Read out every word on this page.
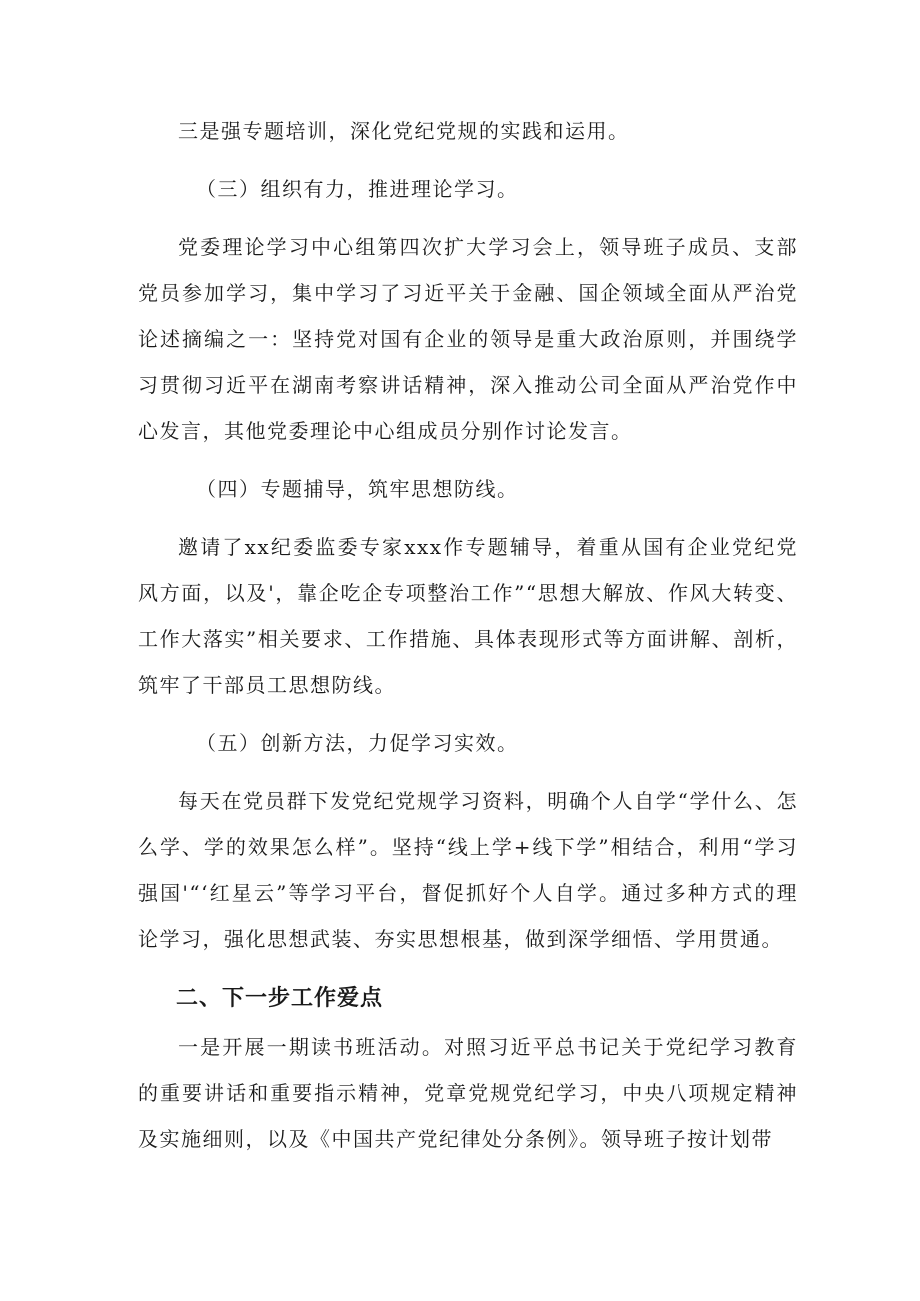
三是强专题培训，深化党纪党规的实践和运用。

（三）组织有力，推进理论学习。

党委理论学习中心组第四次扩大学习会上，领导班子成员、支部党员参加学习，集中学习了习近平关于金融、国企领域全面从严治党论述摘编之一：坚持党对国有企业的领导是重大政治原则，并围绕学习贯彻习近平在湖南考察讲话精神，深入推动公司全面从严治党作中心发言，其他党委理论中心组成员分别作讨论发言。

（四）专题捕导，筑牢思想防线。

邀请了xx纪委监委专家xxx作专题辅导，着重从国有企业党纪党风方面，以及'，靠企吃企专项整治工作”“思想大解放、作风大转变、工作大落实”相关要求、工作措施、具体表现形式等方面讲解、剖析，筑牢了干部员工思想防线。

（五）创新方法，力促学习实效。

每天在党员群下发党纪党规学习资料，明确个人自学“学什么、怎么学、学的效果怎么样”。坚持“线上学+线下学”相结合，利用“学习强国'“‘红星云”等学习平台，督促抓好个人自学。通过多种方式的理论学习，强化思想武装、夯实思想根基，做到深学细悟、学用贯通。

二、下一步工作爱点

一是开展一期读书班活动。对照习近平总书记关于党纪学习教育的重要讲话和重要指示精神，党章党规党纪学习，中央八项规定精神及实施细则，以及《中国共产党纪律处分条例》。领导班子按计划带
